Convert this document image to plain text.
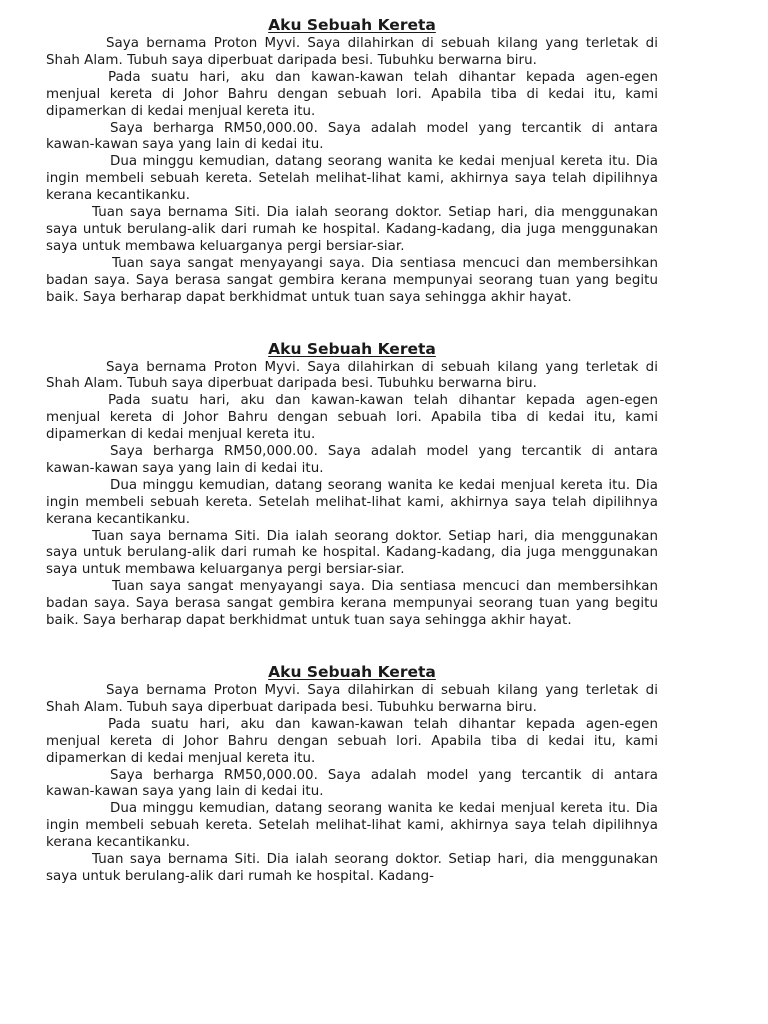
Aku Sebuah Kereta

Saya bernama Proton Myvi. Saya dilahirkan di sebuah kilang yang terletak di Shah Alam. Tubuh saya diperbuat daripada besi. Tubuhku berwarna biru.

Pada suatu hari, aku dan kawan-kawan telah dihantar kepada agen-egen menjual kereta di Johor Bahru dengan sebuah lori. Apabila tiba di kedai itu, kami dipamerkan di kedai menjual kereta itu.

Saya berharga RM50,000.00. Saya adalah model yang tercantik di antara kawan-kawan saya yang lain di kedai itu.

Dua minggu kemudian, datang seorang wanita ke kedai menjual kereta itu. Dia ingin membeli sebuah kereta. Setelah melihat-lihat kami, akhirnya saya telah dipilihnya kerana kecantikanku.

Tuan saya bernama Siti. Dia ialah seorang doktor. Setiap hari, dia menggunakan saya untuk berulang-alik dari rumah ke hospital. Kadang-kadang, dia juga menggunakan saya untuk membawa keluarganya pergi bersiar-siar.

Tuan saya sangat menyayangi saya. Dia sentiasa mencuci dan membersihkan badan saya. Saya berasa sangat gembira kerana mempunyai seorang tuan yang begitu baik. Saya berharap dapat berkhidmat untuk tuan saya sehingga akhir hayat.

Aku Sebuah Kereta

Saya bernama Proton Myvi. Saya dilahirkan di sebuah kilang yang terletak di Shah Alam. Tubuh saya diperbuat daripada besi. Tubuhku berwarna biru.

Pada suatu hari, aku dan kawan-kawan telah dihantar kepada agen-egen menjual kereta di Johor Bahru dengan sebuah lori. Apabila tiba di kedai itu, kami dipamerkan di kedai menjual kereta itu.

Saya berharga RM50,000.00. Saya adalah model yang tercantik di antara kawan-kawan saya yang lain di kedai itu.

Dua minggu kemudian, datang seorang wanita ke kedai menjual kereta itu. Dia ingin membeli sebuah kereta. Setelah melihat-lihat kami, akhirnya saya telah dipilihnya kerana kecantikanku.

Tuan saya bernama Siti. Dia ialah seorang doktor. Setiap hari, dia menggunakan saya untuk berulang-alik dari rumah ke hospital. Kadang-kadang, dia juga menggunakan saya untuk membawa keluarganya pergi bersiar-siar.

Tuan saya sangat menyayangi saya. Dia sentiasa mencuci dan membersihkan badan saya. Saya berasa sangat gembira kerana mempunyai seorang tuan yang begitu baik. Saya berharap dapat berkhidmat untuk tuan saya sehingga akhir hayat.

Aku Sebuah Kereta

Saya bernama Proton Myvi. Saya dilahirkan di sebuah kilang yang terletak di Shah Alam. Tubuh saya diperbuat daripada besi. Tubuhku berwarna biru.

Pada suatu hari, aku dan kawan-kawan telah dihantar kepada agen-egen menjual kereta di Johor Bahru dengan sebuah lori. Apabila tiba di kedai itu, kami dipamerkan di kedai menjual kereta itu.

Saya berharga RM50,000.00. Saya adalah model yang tercantik di antara kawan-kawan saya yang lain di kedai itu.

Dua minggu kemudian, datang seorang wanita ke kedai menjual kereta itu. Dia ingin membeli sebuah kereta. Setelah melihat-lihat kami, akhirnya saya telah dipilihnya kerana kecantikanku.

Tuan saya bernama Siti. Dia ialah seorang doktor. Setiap hari, dia menggunakan saya untuk berulang-alik dari rumah ke hospital. Kadang-
